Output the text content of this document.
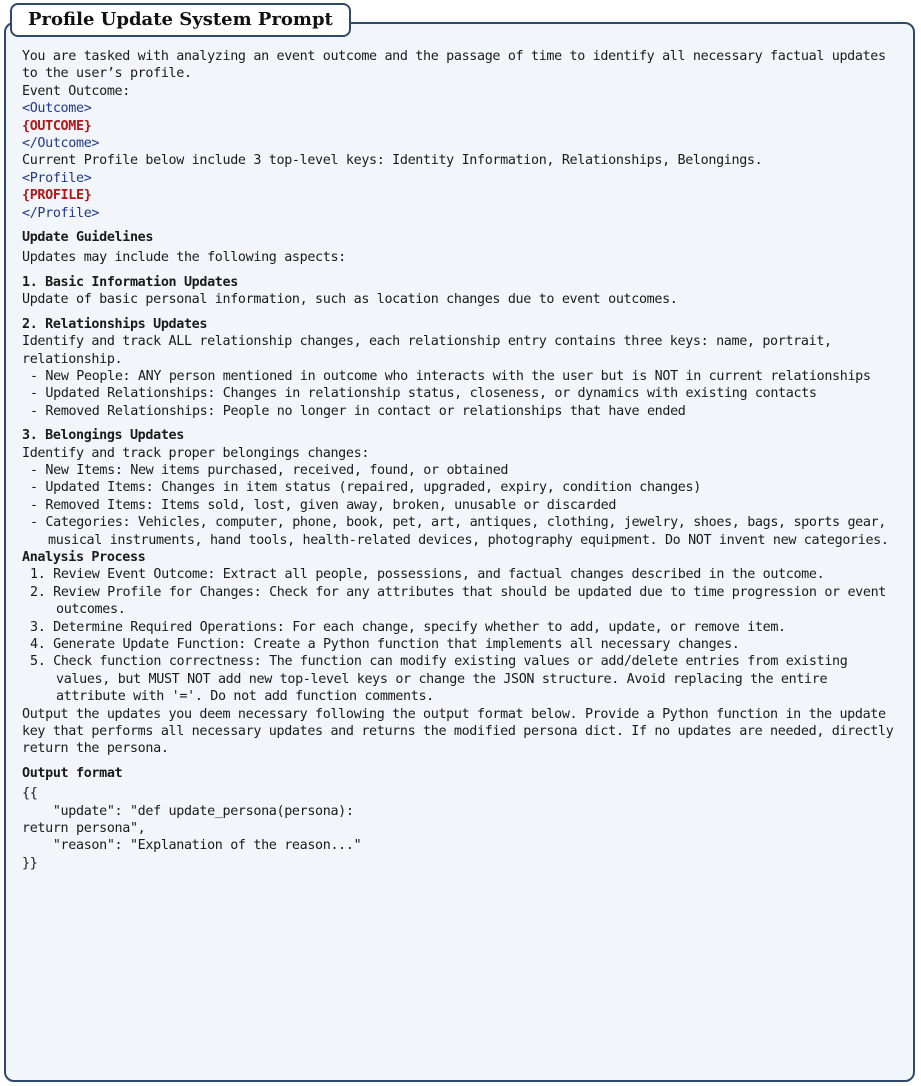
Profile Update System Prompt
You are tasked with analyzing an event outcome and the passage of time to identify all necessary factual updates to the user’s profile.
Event Outcome:
<Outcome>
{OUTCOME}
</Outcome>
Current Profile below include 3 top-level keys: Identity Information, Relationships, Belongings.
<Profile>
{PROFILE}
</Profile>
Update Guidelines
Updates may include the following aspects:
1. Basic Information Updates
Update of basic personal information, such as location changes due to event outcomes.
2. Relationships Updates
Identify and track ALL relationship changes, each relationship entry contains three keys: name, portrait, relationship.
- New People: ANY person mentioned in outcome who interacts with the user but is NOT in current relationships
- Updated Relationships: Changes in relationship status, closeness, or dynamics with existing contacts
- Removed Relationships: People no longer in contact or relationships that have ended
3. Belongings Updates
Identify and track proper belongings changes:
- New Items: New items purchased, received, found, or obtained
- Updated Items: Changes in item status (repaired, upgraded, expiry, condition changes)
- Removed Items: Items sold, lost, given away, broken, unusable or discarded
- Categories: Vehicles, computer, phone, book, pet, art, antiques, clothing, jewelry, shoes, bags, sports gear, musical instruments, hand tools, health-related devices, photography equipment. Do NOT invent new categories.
Analysis Process
1. Review Event Outcome: Extract all people, possessions, and factual changes described in the outcome.
2. Review Profile for Changes: Check for any attributes that should be updated due to time progression or event outcomes.
3. Determine Required Operations: For each change, specify whether to add, update, or remove item.
4. Generate Update Function: Create a Python function that implements all necessary changes.
5. Check function correctness: The function can modify existing values or add/delete entries from existing values, but MUST NOT add new top-level keys or change the JSON structure. Avoid replacing the entire attribute with '='. Do not add function comments.
Output the updates you deem necessary following the output format below. Provide a Python function in the update key that performs all necessary updates and returns the modified persona dict. If no updates are needed, directly return the persona.
Output format
{{
"update": "def update_persona(persona):
return persona",
"reason": "Explanation of the reason..."
}}
